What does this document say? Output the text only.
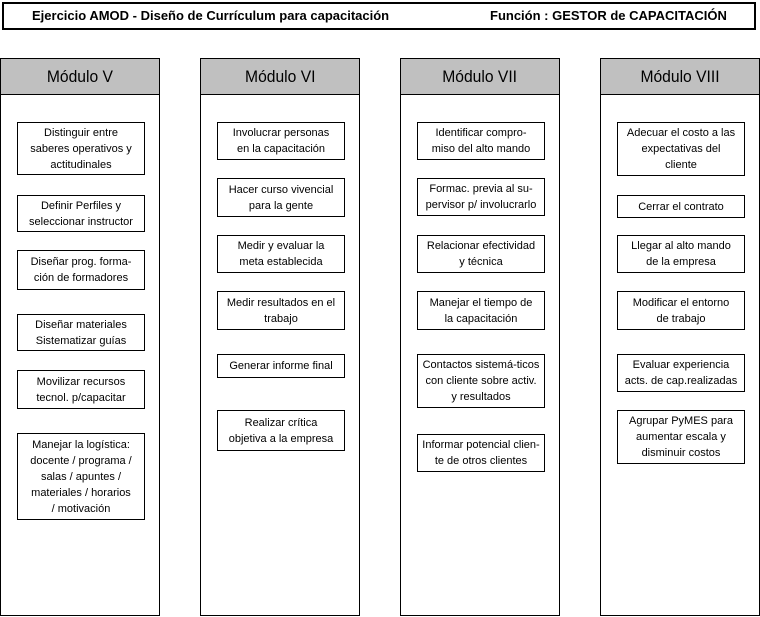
Ejercicio AMOD - Diseño de Currículum para capacitación	Función : GESTOR de CAPACITACIÓN
Módulo V
Distinguir entre
saberes operativos y
actitudinales
Definir Perfiles y
seleccionar instructor
Diseñar prog. forma-
ción de formadores
Diseñar materiales
Sistematizar guías
Movilizar recursos
tecnol. p/capacitar
Manejar la logística:
docente / programa /
salas / apuntes /
materiales / horarios
/ motivación
Módulo VI
Involucrar personas
en la capacitación
Hacer curso vivencial
para la gente
Medir y evaluar la
meta establecida
Medir resultados en el
trabajo
Generar informe final
Realizar crítica
objetiva a la empresa
Módulo VII
Identificar compro-
miso del alto mando
Formac. previa al su-
pervisor p/ involucrarlo
Relacionar efectividad
y técnica
Manejar el tiempo de
la capacitación
Contactos sistemá-ticos
con cliente sobre activ.
y resultados
Informar potencial clien-
te de otros clientes
Módulo VIII
Adecuar el costo a las
expectativas del
cliente
Cerrar el contrato
Llegar al alto mando
de la empresa
Modificar el entorno
de trabajo
Evaluar experiencia
acts. de cap.realizadas
Agrupar PyMES para
aumentar escala y
disminuir costos
